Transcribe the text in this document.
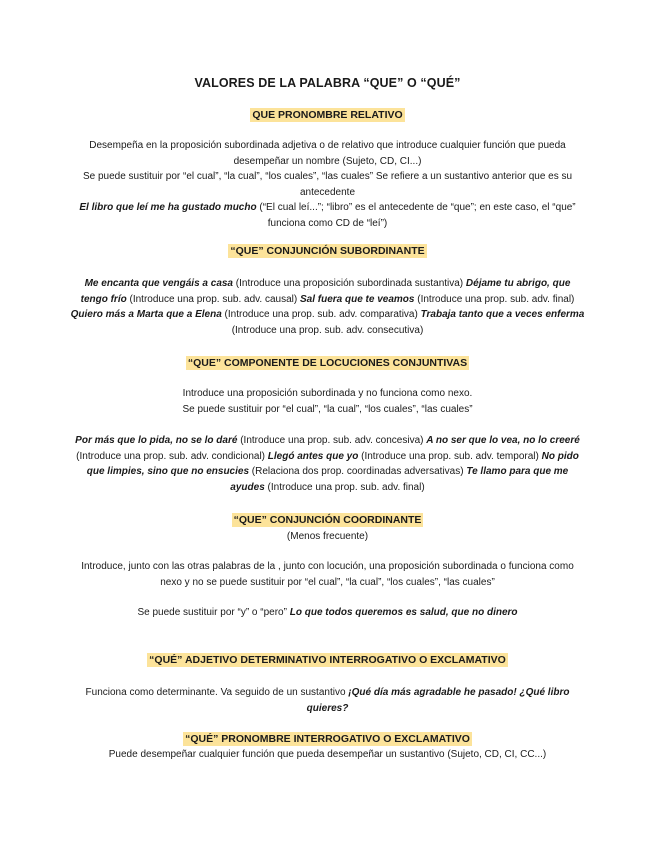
VALORES DE LA PALABRA “QUE” O “QUÉ”
QUE PRONOMBRE RELATIVO
Desempeña en la proposición subordinada adjetiva o de relativo que introduce cualquier función que pueda desempeñar un nombre (Sujeto, CD, CI...)
Se puede sustituir por “el cual”, “la cual”, “los cuales”, “las cuales” Se refiere a un sustantivo anterior que es su antecedente
El libro que leí me ha gustado mucho (“El cual leí...”; “libro” es el antecedente de “que”; en este caso, el “que” funciona como CD de “leí”)
“QUE” CONJUNCIÓN SUBORDINANTE
Me encanta que vengáis a casa (Introduce una proposición subordinada sustantiva) Déjame tu abrigo, que tengo frío (Introduce una prop. sub. adv. causal) Sal fuera que te veamos (Introduce una prop. sub. adv. final) Quiero más a Marta que a Elena (Introduce una prop. sub. adv. comparativa) Trabaja tanto que a veces enferma (Introduce una prop. sub. adv. consecutiva)
“QUE” COMPONENTE DE LOCUCIONES CONJUNTIVAS
Introduce una proposición subordinada y no funciona como nexo.
Se puede sustituir por “el cual”, “la cual”, “los cuales”, “las cuales”
Por más que lo pida, no se lo daré (Introduce una prop. sub. adv. concesiva) A no ser que lo vea, no lo creeré (Introduce una prop. sub. adv. condicional) Llegó antes que yo (Introduce una prop. sub. adv. temporal) No pido que limpies, sino que no ensucies (Relaciona dos prop. coordinadas adversativas) Te llamo para que me ayudes (Introduce una prop. sub. adv. final)
“QUE” CONJUNCIÓN COORDINANTE
(Menos frecuente)
Introduce, junto con las otras palabras de la , junto con locución, una proposición subordinada o funciona como nexo y no se puede sustituir por “el cual”, “la cual”, “los cuales”, “las cuales”
Se puede sustituir por “y” o “pero” Lo que todos queremos es salud, que no dinero
“QUÉ” ADJETIVO DETERMINATIVO INTERROGATIVO O EXCLAMATIVO
Funciona como determinante. Va seguido de un sustantivo ¡Qué día más agradable he pasado! ¿Qué libro quieres?
“QUÉ” PRONOMBRE INTERROGATIVO O EXCLAMATIVO
Puede desempeñar cualquier función que pueda desempeñar un sustantivo (Sujeto, CD, CI, CC...)
